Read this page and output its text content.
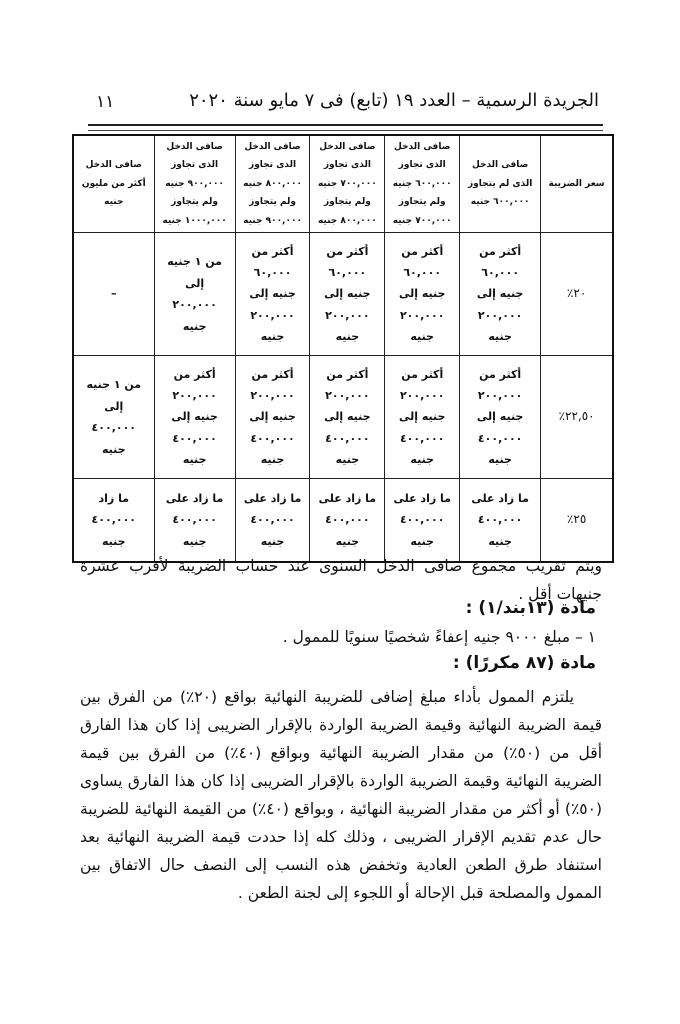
الجريدة الرسمية – العدد ١٩ (تابع) فى ٧ مايو سنة ٢٠٢٠
١١
سعر الضريبة	صافى الدخل
الذى لم يتجاوز
٦٠٠,٠٠٠ جنيه	صافى الدخل
الذى تجاوز
٦٠٠,٠٠٠ جنيه
ولم يتجاوز
٧٠٠,٠٠٠ جنيه	صافى الدخل
الذى تجاوز
٧٠٠,٠٠٠ جنيه
ولم يتجاوز
٨٠٠,٠٠٠ جنيه	صافى الدخل
الذى تجاوز
٨٠٠,٠٠٠ جنيه
ولم يتجاوز
٩٠٠,٠٠٠ جنيه	صافى الدخل
الذى تجاوز
٩٠٠,٠٠٠ جنيه
ولم يتجاوز
١٠٠٠,٠٠٠ جنيه	صافى الدخل
أكثر من مليون
جنيه

٢٠٪	أكثر من
٦٠,٠٠٠
جنيه إلى
٢٠٠,٠٠٠
جنيه	أكثر من
٦٠,٠٠٠
جنيه إلى
٢٠٠,٠٠٠
جنيه	أكثر من
٦٠,٠٠٠
جنيه إلى
٢٠٠,٠٠٠
جنيه	أكثر من
٦٠,٠٠٠
جنيه إلى
٢٠٠,٠٠٠
جنيه	من ١ جنيه
إلى
٢٠٠,٠٠٠
جنيه	–

٢٢,٥٠٪	أكثر من
٢٠٠,٠٠٠
جنيه إلى
٤٠٠,٠٠٠
جنيه	أكثر من
٢٠٠,٠٠٠
جنيه إلى
٤٠٠,٠٠٠
جنيه	أكثر من
٢٠٠,٠٠٠
جنيه إلى
٤٠٠,٠٠٠
جنيه	أكثر من
٢٠٠,٠٠٠
جنيه إلى
٤٠٠,٠٠٠
جنيه	أكثر من
٢٠٠,٠٠٠
جنيه إلى
٤٠٠,٠٠٠
جنيه	من ١ جنيه
إلى
٤٠٠,٠٠٠
جنيه

٢٥٪	ما زاد على
٤٠٠,٠٠٠
جنيه	ما زاد على
٤٠٠,٠٠٠
جنيه	ما زاد على
٤٠٠,٠٠٠
جنيه	ما زاد على
٤٠٠,٠٠٠
جنيه	ما زاد على
٤٠٠,٠٠٠
جنيه	ما زاد
٤٠٠,٠٠٠
جنيه
ويتم تقريب مجموع صافى الدخل السنوى عند حساب الضريبة لأقرب عشرة جنيهات أقل .
مادة (١٣بند/١) :
١ – مبلغ ٩٠٠٠ جنيه إعفاءً شخصيًا سنويًا للممول .
مادة (٨٧ مكررًا) :
يلتزم الممول بأداء مبلغ إضافى للضريبة النهائية بواقع (٢٠٪) من الفرق بين قيمة الضريبة النهائية وقيمة الضريبة الواردة بالإقرار الضريبى إذا كان هذا الفارق أقل من (٥٠٪) من مقدار الضريبة النهائية وبواقع (٤٠٪) من الفرق بين قيمة الضريبة النهائية وقيمة الضريبة الواردة بالإقرار الضريبى إذا كان هذا الفارق يساوى (٥٠٪) أو أكثر من مقدار الضريبة النهائية ، وبواقع (٤٠٪) من القيمة النهائية للضريبة حال عدم تقديم الإقرار الضريبى ، وذلك كله إذا حددت قيمة الضريبة النهائية بعد استنفاد طرق الطعن العادية وتخفض هذه النسب إلى النصف حال الاتفاق بين الممول والمصلحة قبل الإحالة أو اللجوء إلى لجنة الطعن .
